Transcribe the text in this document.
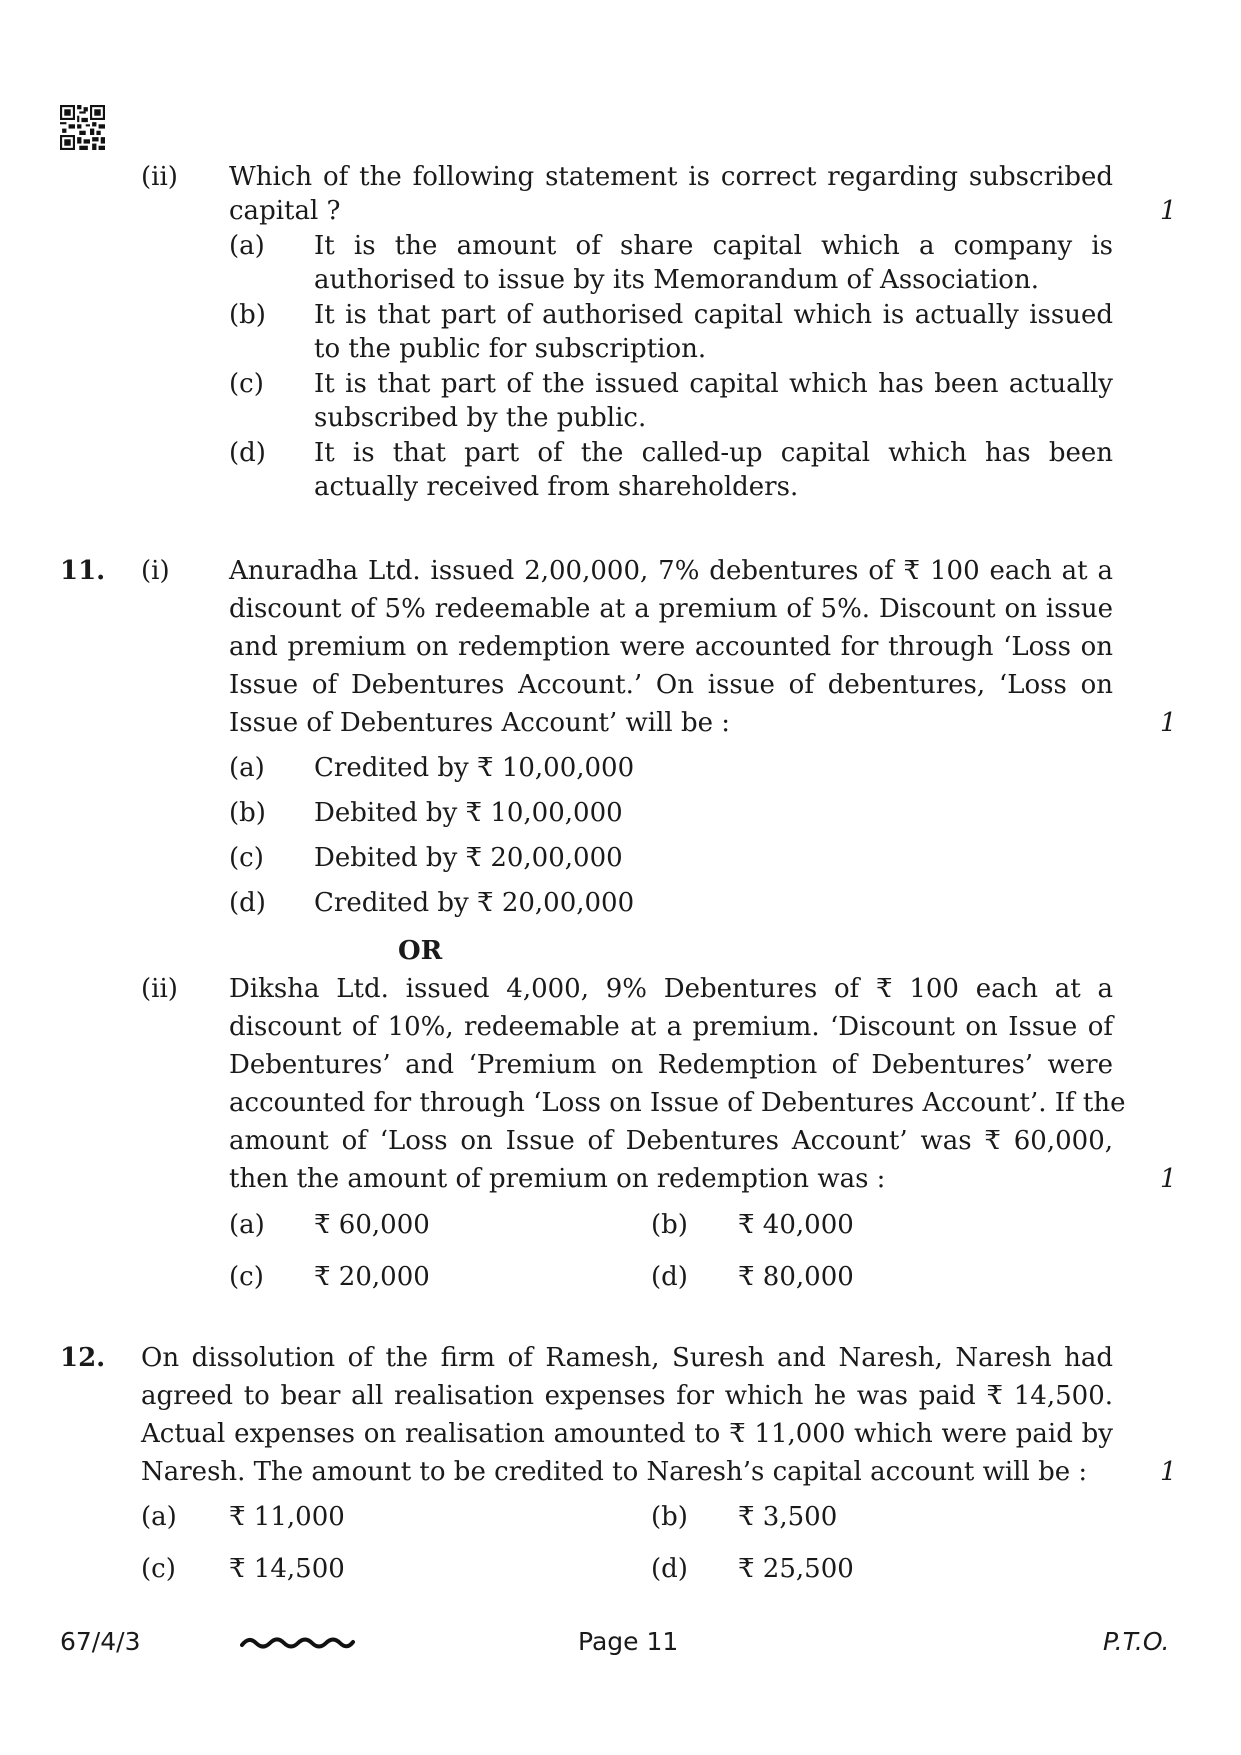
(ii) Which of the following statement is correct regarding subscribed
capital ?	1
(a) It is the amount of share capital which a company is
authorised to issue by its Memorandum of Association.
(b) It is that part of authorised capital which is actually issued
to the public for subscription.
(c) It is that part of the issued capital which has been actually
subscribed by the public.
(d) It is that part of the called-up capital which has been
actually received from shareholders.
11. (i) Anuradha Ltd. issued 2,00,000, 7% debentures of ₹ 100 each at a
discount of 5% redeemable at a premium of 5%. Discount on issue
and premium on redemption were accounted for through ‘Loss on
Issue of Debentures Account.’ On issue of debentures, ‘Loss on
Issue of Debentures Account’ will be :	1
(a) Credited by ₹ 10,00,000
(b) Debited by ₹ 10,00,000
(c) Debited by ₹ 20,00,000
(d) Credited by ₹ 20,00,000
OR
(ii) Diksha Ltd. issued 4,000, 9% Debentures of ₹ 100 each at a
discount of 10%, redeemable at a premium. ‘Discount on Issue of
Debentures’ and ‘Premium on Redemption of Debentures’ were
accounted for through ‘Loss on Issue of Debentures Account’. If the
amount of ‘Loss on Issue of Debentures Account’ was ₹ 60,000,
then the amount of premium on redemption was :	1
(a) ₹ 60,000	(b) ₹ 40,000
(c) ₹ 20,000	(d) ₹ 80,000
12. On dissolution of the firm of Ramesh, Suresh and Naresh, Naresh had
agreed to bear all realisation expenses for which he was paid ₹ 14,500.
Actual expenses on realisation amounted to ₹ 11,000 which were paid by
Naresh. The amount to be credited to Naresh’s capital account will be :	1
(a) ₹ 11,000	(b) ₹ 3,500
(c) ₹ 14,500	(d) ₹ 25,500
67/4/3	Page 11	P.T.O.
